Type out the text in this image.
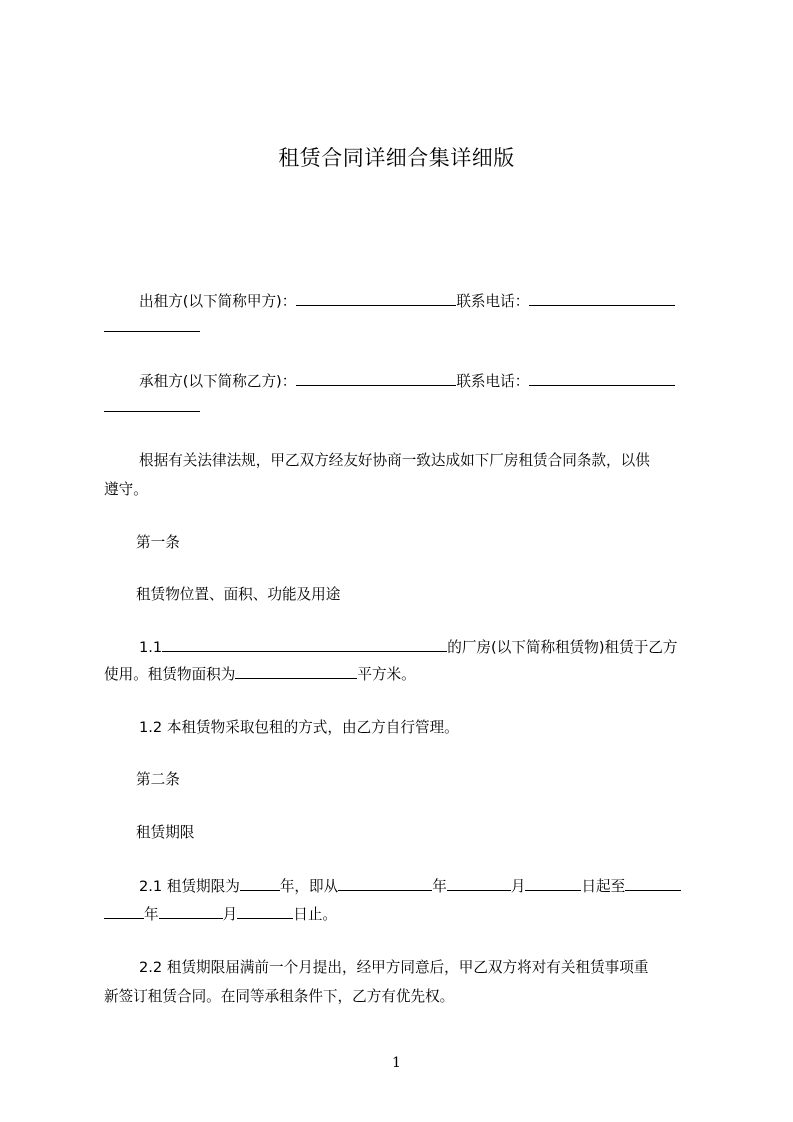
租赁合同详细合集详细版
出租方(以下简称甲方)：	联系电话：
承租方(以下简称乙方)：	联系电话：
根据有关法律法规，甲乙双方经友好协商一致达成如下厂房租赁合同条款，以供
遵守。
第一条
租赁物位置、面积、功能及用途
1.1	的厂房(以下简称租赁物)租赁于乙方
使用。租赁物面积为	平方米。
1.2 本租赁物采取包租的方式，由乙方自行管理。
第二条
租赁期限
2.1 租赁期限为	年，即从	年	月	日起至
年	月	日止。
2.2 租赁期限届满前一个月提出，经甲方同意后，甲乙双方将对有关租赁事项重
新签订租赁合同。在同等承租条件下，乙方有优先权。
1
